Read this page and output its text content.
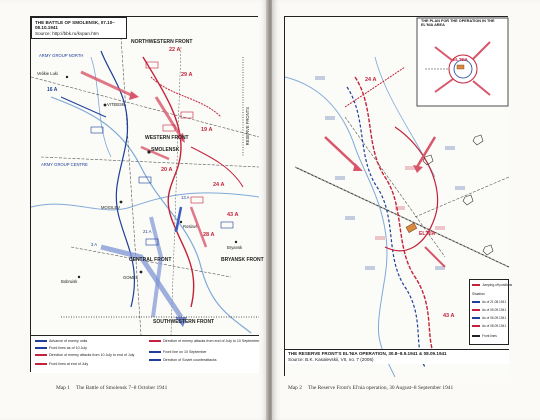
THE BATTLE OF SMOLENSK, 07.10–08.10.1941
Source: http://bbk.ru/kvpan.htm
NORTHWESTERN FRONT
ARMY GROUP NORTH
ARMY GROUP CENTRE
WESTERN FRONT
CENTRAL FRONT	BRYANSK FRONT
RESERVE FRONTS
SOUTHWESTERN FRONT
16 A
22 A
29 A
19 A
20 A
13 A
21 A
43 A
24 A
28 A
3 A
SMOLENSK
VITEBSK
MOGILEV
GOMEL
Roslavl
Bobruisk
Velikie Luki
Bryansk
Advance of enemy units
Front lines as of 10 July
Direction of enemy attacks from 10 July to end of July
Front lines at end of July
Direction of enemy attacks from end of July to 10 September
Front line on 10 September
Direction of Soviet counterattacks
Map 1 The Battle of Smolensk 7–8 October 1941
THE PLAN FOR THE OPERATION IN THE EL'NIA AREA
EL'NIA
EL'NIA
24 A
43 A
Jumping-off positions
Situation:
As of 21.08.1941
As of 05.09.1941
As of 06.09.1941
As of 08.09.1941
Front lines
THE RESERVE FRONT'S EL'NIA OPERATION, 30.8–8.9.1941 & 08.09.1941
Source: B.K. Kasalevskii, VII, no. 7 (2006)
Map 2 The Reserve Front's El'nia operation, 30 August–8 September 1941
